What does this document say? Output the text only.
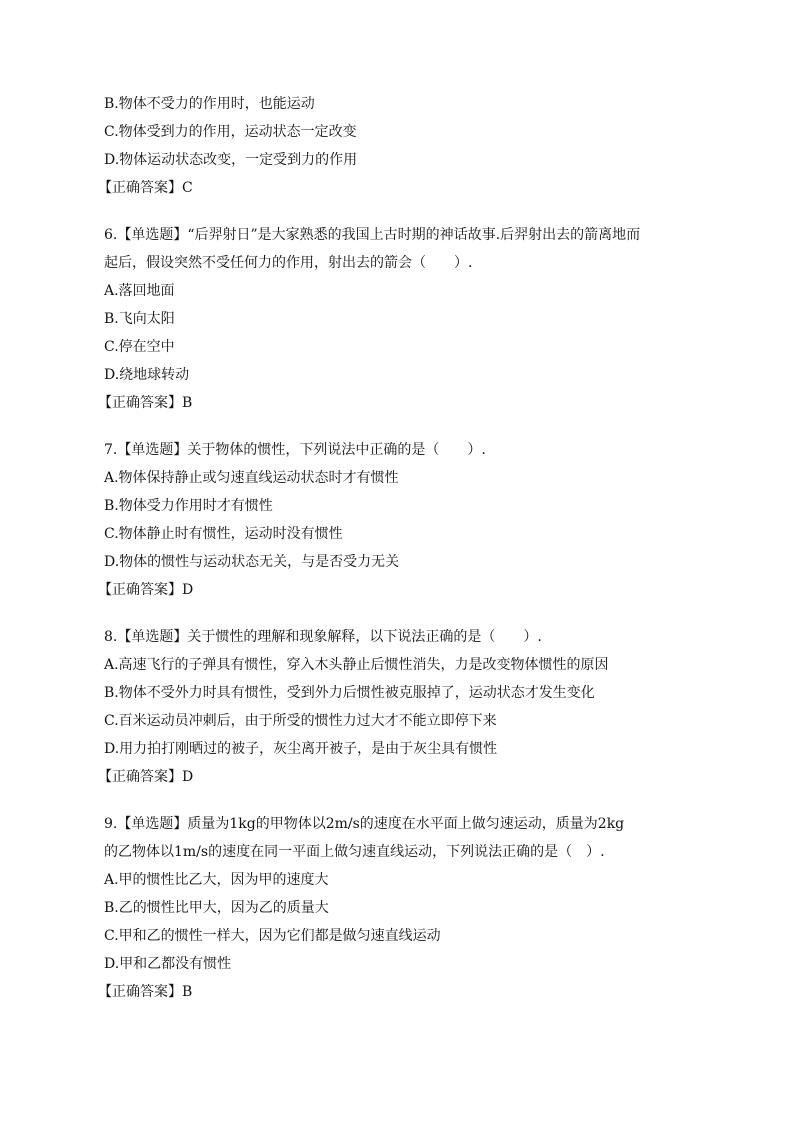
B.物体不受力的作用时，也能运动
C.物体受到力的作用，运动状态一定改变
D.物体运动状态改变，一定受到力的作用
【正确答案】C
6.【单选题】“后羿射日”是大家熟悉的我国上古时期的神话故事.后羿射出去的箭离地而
起后，假设突然不受任何力的作用，射出去的箭会（　　）.
A.落回地面
B.飞向太阳
C.停在空中
D.绕地球转动
【正确答案】B
7.【单选题】关于物体的惯性，下列说法中正确的是（　　）.
A.物体保持静止或匀速直线运动状态时才有惯性
B.物体受力作用时才有惯性
C.物体静止时有惯性，运动时没有惯性
D.物体的惯性与运动状态无关，与是否受力无关
【正确答案】D
8.【单选题】关于惯性的理解和现象解释，以下说法正确的是（　　）.
A.高速飞行的子弹具有惯性，穿入木头静止后惯性消失，力是改变物体惯性的原因
B.物体不受外力时具有惯性，受到外力后惯性被克服掉了，运动状态才发生变化
C.百米运动员冲刺后，由于所受的惯性力过大才不能立即停下来
D.用力拍打刚晒过的被子，灰尘离开被子，是由于灰尘具有惯性
【正确答案】D
9.【单选题】质量为1kg的甲物体以2m/s的速度在水平面上做匀速运动，质量为2kg
的乙物体以1m/s的速度在同一平面上做匀速直线运动，下列说法正确的是（　）.
A.甲的惯性比乙大，因为甲的速度大
B.乙的惯性比甲大，因为乙的质量大
C.甲和乙的惯性一样大，因为它们都是做匀速直线运动
D.甲和乙都没有惯性
【正确答案】B
